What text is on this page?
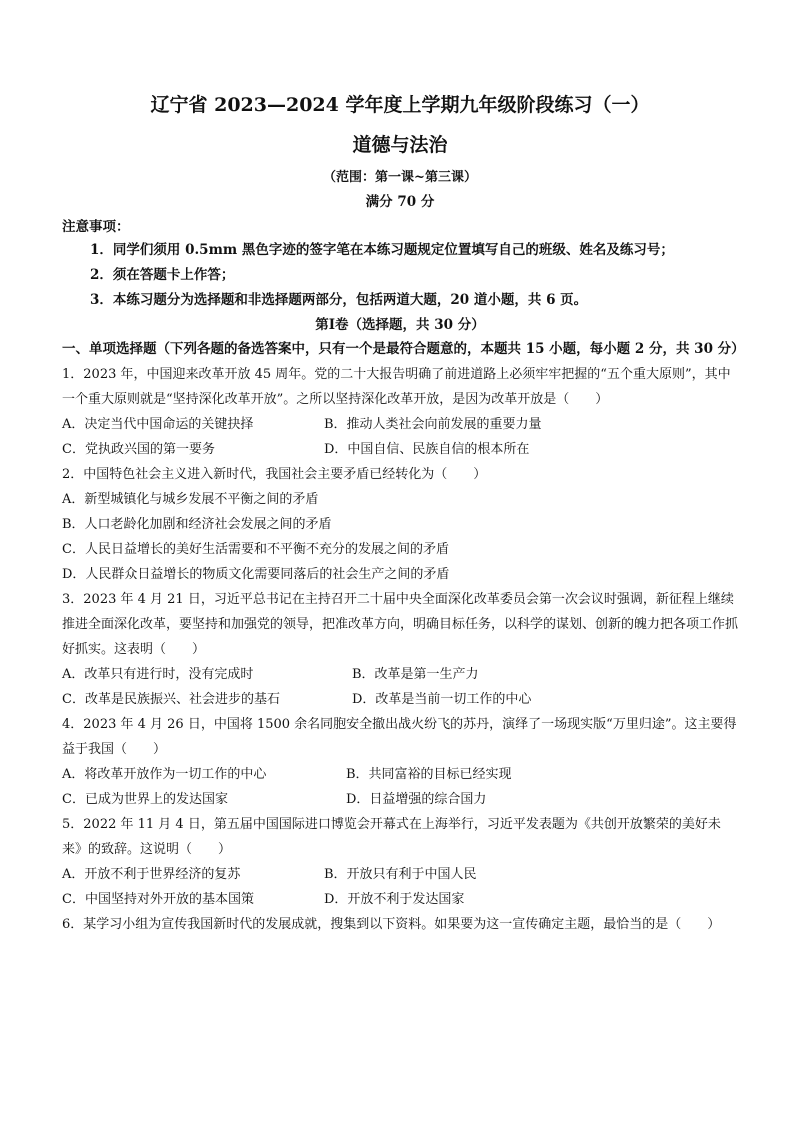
辽宁省 2023—2024 学年度上学期九年级阶段练习（一）
道德与法治
（范围：第一课~第三课）
满分 70 分
注意事项：
1．同学们须用 0.5mm 黑色字迹的签字笔在本练习题规定位置填写自己的班级、姓名及练习号；
2．须在答题卡上作答；
3．本练习题分为选择题和非选择题两部分，包括两道大题，20 道小题，共 6 页。
第Ⅰ卷（选择题，共 30 分）
一、单项选择题（下列各题的备选答案中，只有一个是最符合题意的，本题共 15 小题，每小题 2 分，共 30 分）
1．2023 年，中国迎来改革开放 45 周年。党的二十大报告明确了前进道路上必须牢牢把握的“五个重大原则”，其中一个重大原则就是“坚持深化改革开放”。之所以坚持深化改革开放，是因为改革开放是（　　）
A．决定当代中国命运的关键抉择	B．推动人类社会向前发展的重要力量
C．党执政兴国的第一要务	D．中国自信、民族自信的根本所在
2．中国特色社会主义进入新时代，我国社会主要矛盾已经转化为（　　）
A．新型城镇化与城乡发展不平衡之间的矛盾
B．人口老龄化加剧和经济社会发展之间的矛盾
C．人民日益增长的美好生活需要和不平衡不充分的发展之间的矛盾
D．人民群众日益增长的物质文化需要同落后的社会生产之间的矛盾
3．2023 年 4 月 21 日，习近平总书记在主持召开二十届中央全面深化改革委员会第一次会议时强调，新征程上继续推进全面深化改革，要坚持和加强党的领导，把准改革方向，明确目标任务，以科学的谋划、创新的魄力把各项工作抓好抓实。这表明（　　）
A．改革只有进行时，没有完成时	B．改革是第一生产力
C．改革是民族振兴、社会进步的基石	D．改革是当前一切工作的中心
4．2023 年 4 月 26 日，中国将 1500 余名同胞安全撤出战火纷飞的苏丹，演绎了一场现实版“万里归途”。这主要得益于我国（　　）
A．将改革开放作为一切工作的中心	B．共同富裕的目标已经实现
C．已成为世界上的发达国家	D．日益增强的综合国力
5．2022 年 11 月 4 日，第五届中国国际进口博览会开幕式在上海举行，习近平发表题为《共创开放繁荣的美好未来》的致辞。这说明（　　）
A．开放不利于世界经济的复苏	B．开放只有利于中国人民
C．中国坚持对外开放的基本国策	D．开放不利于发达国家
6．某学习小组为宣传我国新时代的发展成就，搜集到以下资料。如果要为这一宣传确定主题，最恰当的是（　　）
